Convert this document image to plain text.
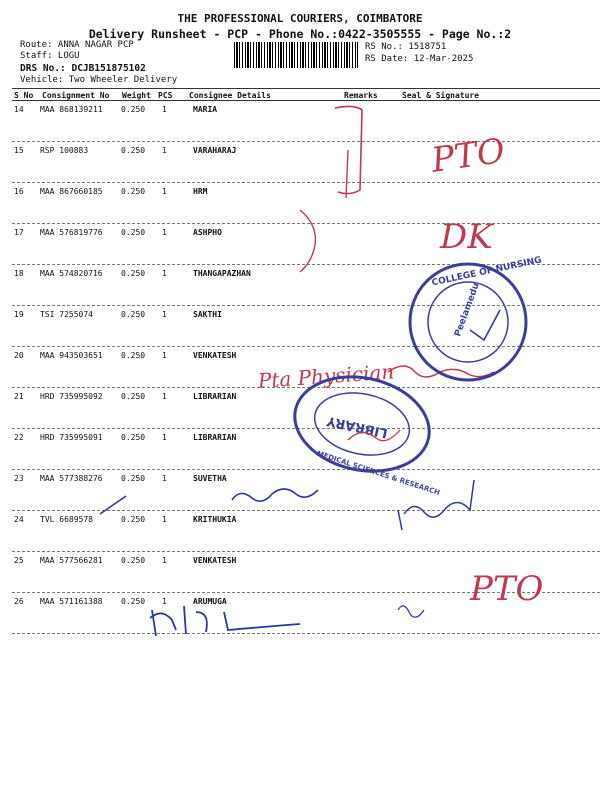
THE PROFESSIONAL COURIERS, COIMBATORE
Delivery Runsheet - PCP - Phone No.:0422-3505555 - Page No.:2
Route: ANNA NAGAR PCP
Staff: LOGU
DRS No.: DCJB151875102
Vehicle: Two Wheeler Delivery
RS No.: 1518751
RS Date: 12-Mar-2025
S No Consignment No Weight PCS Consignee Details	Remarks	Seal & Signature
14 MAA 868139211 0.250 1	MARIA
15 RSP 100883	0.250 1	VARAHARAJ
16 MAA 867660185 0.250 1	HRM
17 MAA 576819776 0.250 1	ASHPHO
18 MAA 574820716 0.250 1	THANGAPAZHAN
19 TSI 7255074	0.250 1	SAKTHI
20 MAA 943503651 0.250 1	VENKATESH
21 HRD 735995092 0.250 1	LIBRARIAN
22 HRD 735995091 0.250 1	LIBRARIAN
23 MAA 577388276 0.250 1	SUVETHA
24 TVL 6689578	0.250 1	KRITHUKIA
25 MAA 577566281 0.250 1	VENKATESH
26 MAA 571161388 0.250 1	ARUMUGA
PTO
DK
Pta Physician
PTO
COLLEGE OF NURSING
Peelamedu
LIBRARY
MEDICAL SCIENCES & RESEARCH
